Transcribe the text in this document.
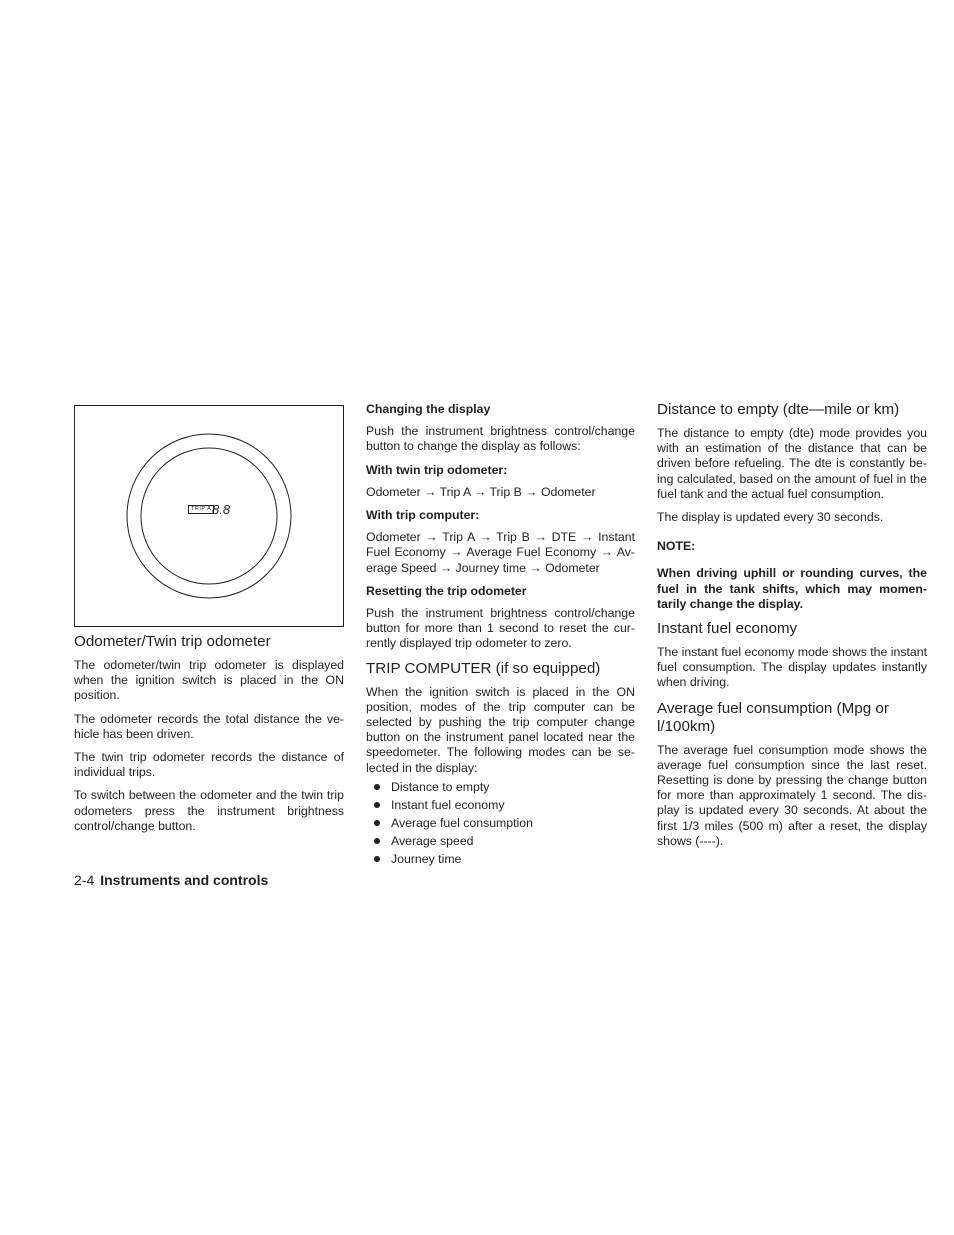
TRIP A 8.8
Odometer/Twin trip odometer

The odometer/twin trip odometer is displayed when the ignition switch is placed in the ON position.

The odometer records the total distance the ve-hicle has been driven.

The twin trip odometer records the distance of individual trips.

To switch between the odometer and the twin trip odometers press the instrument brightness control/change button.

Changing the display

Push the instrument brightness control/change button to change the display as follows:

With twin trip odometer:

Odometer → Trip A → Trip B → Odometer

With trip computer:

Odometer → Trip A → Trip B → DTE → Instant Fuel Economy → Average Fuel Economy → Av-erage Speed → Journey time → Odometer

Resetting the trip odometer

Push the instrument brightness control/change button for more than 1 second to reset the cur-rently displayed trip odometer to zero.

TRIP COMPUTER (if so equipped)

When the ignition switch is placed in the ON position, modes of the trip computer can be selected by pushing the trip computer change button on the instrument panel located near the speedometer. The following modes can be se-lected in the display:

Distance to empty
Instant fuel economy
Average fuel consumption
Average speed
Journey time
Distance to empty (dte—mile or km)

The distance to empty (dte) mode provides you with an estimation of the distance that can be driven before refueling. The dte is constantly be-ing calculated, based on the amount of fuel in the fuel tank and the actual fuel consumption.

The display is updated every 30 seconds.

NOTE:

When driving uphill or rounding curves, the fuel in the tank shifts, which may momen-tarily change the display.

Instant fuel economy

The instant fuel economy mode shows the instant fuel consumption. The display updates instantly when driving.

Average fuel consumption (Mpg or l/100km)

The average fuel consumption mode shows the average fuel consumption since the last reset. Resetting is done by pressing the change button for more than approximately 1 second. The dis-play is updated every 30 seconds. At about the first 1/3 miles (500 m) after a reset, the display shows (----).

2-4 Instruments and controls
